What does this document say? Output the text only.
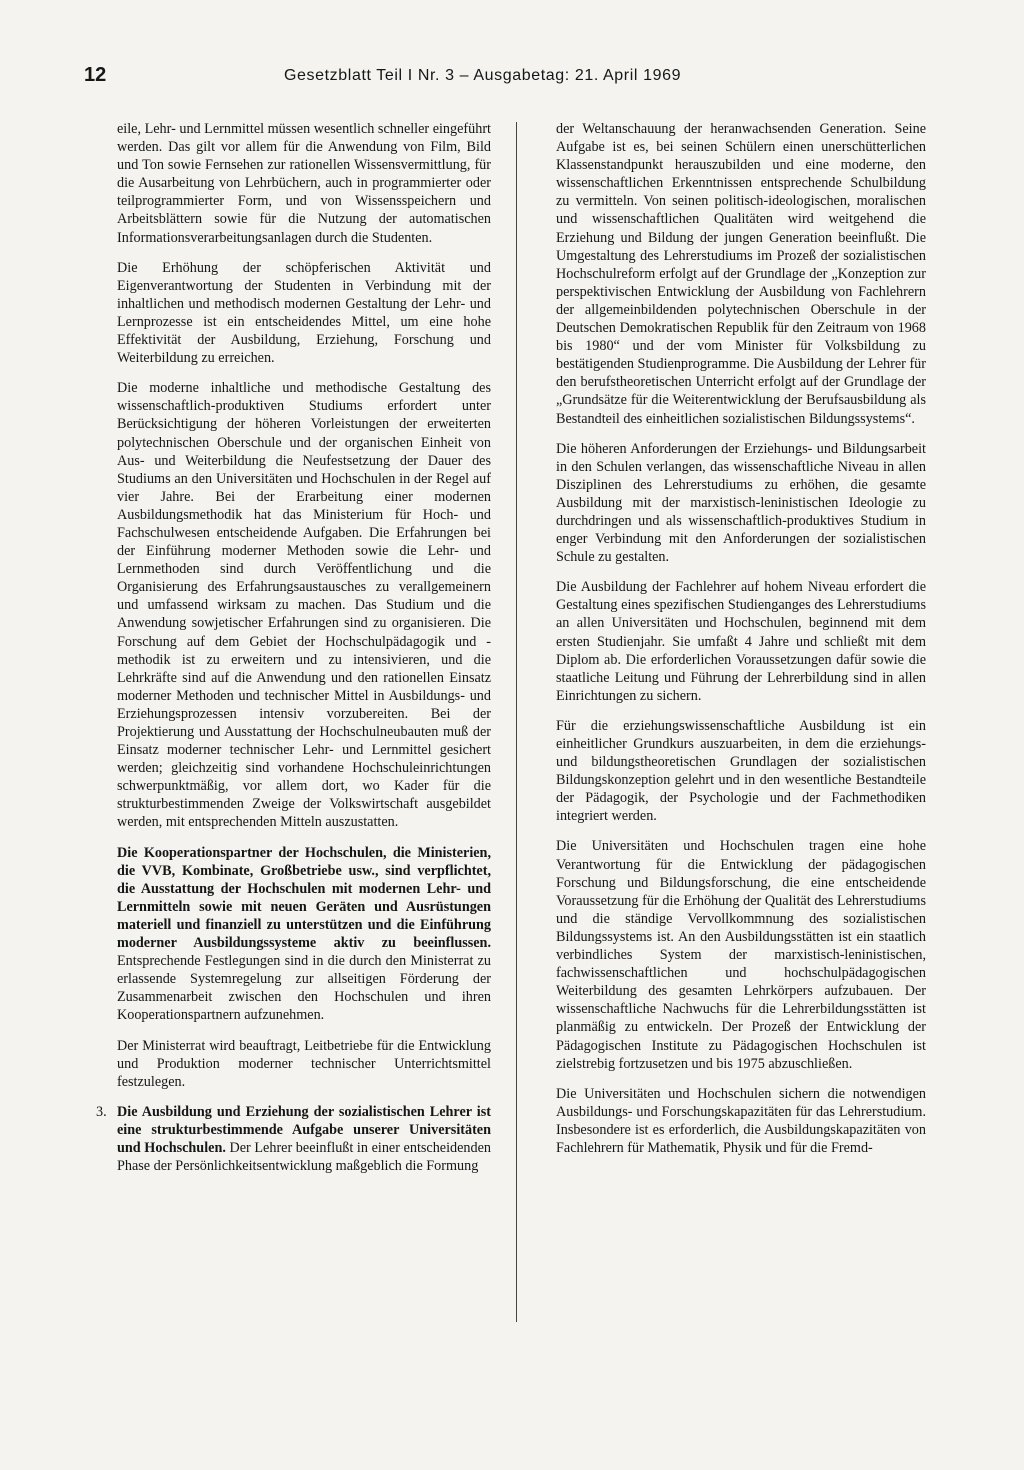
12	Gesetzblatt Teil I Nr. 3 – Ausgabetag: 21. April 1969

eile, Lehr- und Lernmittel müssen wesentlich schneller eingeführt werden. Das gilt vor allem für die Anwendung von Film, Bild und Ton sowie Fernsehen zur rationellen Wissensvermittlung, für die Ausarbeitung von Lehrbüchern, auch in programmierter oder teilprogrammierter Form, und von Wissensspeichern und Arbeitsblättern sowie für die Nutzung der automatischen Informationsverarbeitungsanlagen durch die Studenten.

Die Erhöhung der schöpferischen Aktivität und Eigenverantwortung der Studenten in Verbindung mit der inhaltlichen und methodisch modernen Gestaltung der Lehr- und Lernprozesse ist ein entscheidendes Mittel, um eine hohe Effektivität der Ausbildung, Erziehung, Forschung und Weiterbildung zu erreichen.

Die moderne inhaltliche und methodische Gestaltung des wissenschaftlich-produktiven Studiums erfordert unter Berücksichtigung der höheren Vorleistungen der erweiterten polytechnischen Oberschule und der organischen Einheit von Aus- und Weiterbildung die Neufestsetzung der Dauer des Studiums an den Universitäten und Hochschulen in der Regel auf vier Jahre. Bei der Erarbeitung einer modernen Ausbildungsmethodik hat das Ministerium für Hoch- und Fachschulwesen entscheidende Aufgaben. Die Erfahrungen bei der Einführung moderner Methoden sowie die Lehr- und Lernmethoden sind durch Veröffentlichung und die Organisierung des Erfahrungsaustausches zu verallgemeinern und umfassend wirksam zu machen. Das Studium und die Anwendung sowjetischer Erfahrungen sind zu organisieren. Die Forschung auf dem Gebiet der Hochschulpädagogik und -methodik ist zu erweitern und zu intensivieren, und die Lehrkräfte sind auf die Anwendung und den rationellen Einsatz moderner Methoden und technischer Mittel in Ausbildungs- und Erziehungsprozessen intensiv vorzubereiten. Bei der Projektierung und Ausstattung der Hochschulneubauten muß der Einsatz moderner technischer Lehr- und Lernmittel gesichert werden; gleichzeitig sind vorhandene Hochschuleinrichtungen schwerpunktmäßig, vor allem dort, wo Kader für die strukturbestimmenden Zweige der Volkswirtschaft ausgebildet werden, mit entsprechenden Mitteln auszustatten.

Die Kooperationspartner der Hochschulen, die Ministerien, die VVB, Kombinate, Großbetriebe usw., sind verpflichtet, die Ausstattung der Hochschulen mit modernen Lehr- und Lernmitteln sowie mit neuen Geräten und Ausrüstungen materiell und finanziell zu unterstützen und die Einführung moderner Ausbildungssysteme aktiv zu beeinflussen. Entsprechende Festlegungen sind in die durch den Ministerrat zu erlassende Systemregelung zur allseitigen Förderung der Zusammenarbeit zwischen den Hochschulen und ihren Kooperationspartnern aufzunehmen.

Der Ministerrat wird beauftragt, Leitbetriebe für die Entwicklung und Produktion moderner technischer Unterrichtsmittel festzulegen.

3. Die Ausbildung und Erziehung der sozialistischen Lehrer ist eine strukturbestimmende Aufgabe unserer Universitäten und Hochschulen. Der Lehrer beeinflußt in einer entscheidenden Phase der Persönlichkeitsentwicklung maßgeblich die Formung

der Weltanschauung der heranwachsenden Generation. Seine Aufgabe ist es, bei seinen Schülern einen unerschütterlichen Klassenstandpunkt herauszubilden und eine moderne, den wissenschaftlichen Erkenntnissen entsprechende Schulbildung zu vermitteln. Von seinen politisch-ideologischen, moralischen und wissenschaftlichen Qualitäten wird weitgehend die Erziehung und Bildung der jungen Generation beeinflußt. Die Umgestaltung des Lehrerstudiums im Prozeß der sozialistischen Hochschulreform erfolgt auf der Grundlage der „Konzeption zur perspektivischen Entwicklung der Ausbildung von Fachlehrern der allgemeinbildenden polytechnischen Oberschule in der Deutschen Demokratischen Republik für den Zeitraum von 1968 bis 1980“ und der vom Minister für Volksbildung zu bestätigenden Studienprogramme. Die Ausbildung der Lehrer für den berufstheoretischen Unterricht erfolgt auf der Grundlage der „Grundsätze für die Weiterentwicklung der Berufsausbildung als Bestandteil des einheitlichen sozialistischen Bildungssystems“.

Die höheren Anforderungen der Erziehungs- und Bildungsarbeit in den Schulen verlangen, das wissenschaftliche Niveau in allen Disziplinen des Lehrerstudiums zu erhöhen, die gesamte Ausbildung mit der marxistisch-leninistischen Ideologie zu durchdringen und als wissenschaftlich-produktives Studium in enger Verbindung mit den Anforderungen der sozialistischen Schule zu gestalten.

Die Ausbildung der Fachlehrer auf hohem Niveau erfordert die Gestaltung eines spezifischen Studienganges des Lehrerstudiums an allen Universitäten und Hochschulen, beginnend mit dem ersten Studienjahr. Sie umfaßt 4 Jahre und schließt mit dem Diplom ab. Die erforderlichen Voraussetzungen dafür sowie die staatliche Leitung und Führung der Lehrerbildung sind in allen Einrichtungen zu sichern.

Für die erziehungswissenschaftliche Ausbildung ist ein einheitlicher Grundkurs auszuarbeiten, in dem die erziehungs- und bildungstheoretischen Grundlagen der sozialistischen Bildungskonzeption gelehrt und in den wesentliche Bestandteile der Pädagogik, der Psychologie und der Fachmethodiken integriert werden.

Die Universitäten und Hochschulen tragen eine hohe Verantwortung für die Entwicklung der pädagogischen Forschung und Bildungsforschung, die eine entscheidende Voraussetzung für die Erhöhung der Qualität des Lehrerstudiums und die ständige Vervollkommnung des sozialistischen Bildungssystems ist. An den Ausbildungsstätten ist ein staatlich verbindliches System der marxistisch-leninistischen, fachwissenschaftlichen und hochschulpädagogischen Weiterbildung des gesamten Lehrkörpers aufzubauen. Der wissenschaftliche Nachwuchs für die Lehrerbildungsstätten ist planmäßig zu entwickeln. Der Prozeß der Entwicklung der Pädagogischen Institute zu Pädagogischen Hochschulen ist zielstrebig fortzusetzen und bis 1975 abzuschließen.

Die Universitäten und Hochschulen sichern die notwendigen Ausbildungs- und Forschungskapazitäten für das Lehrerstudium. Insbesondere ist es erforderlich, die Ausbildungskapazitäten von Fachlehrern für Mathematik, Physik und für die Fremd-
